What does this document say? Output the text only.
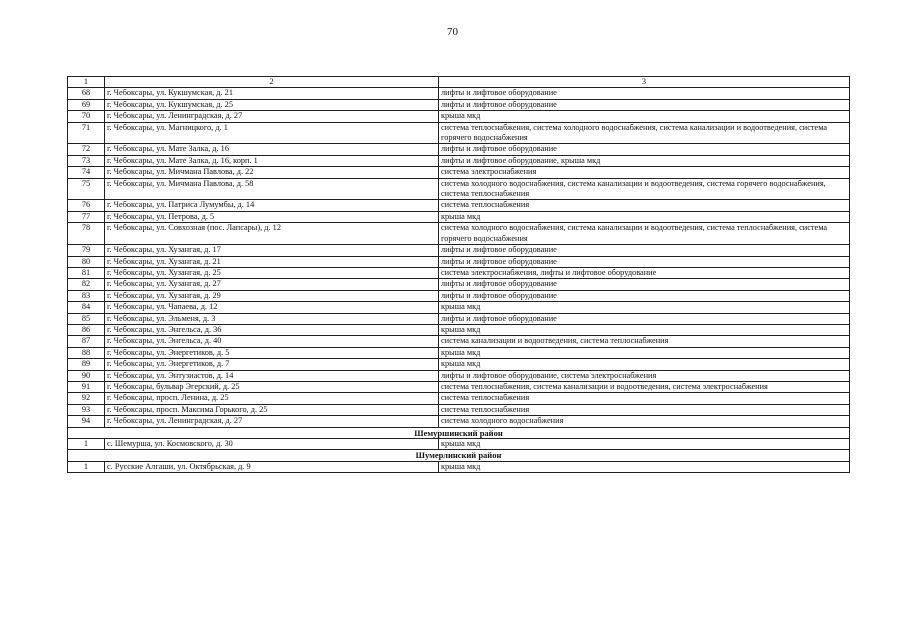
70
1	2	3
68	г. Чебоксары, ул. Кукшумская, д. 21	лифты и лифтовое оборудование
69	г. Чебоксары, ул. Кукшумская, д. 25	лифты и лифтовое оборудование
70	г. Чебоксары, ул. Ленинградская, д. 27	крыша мкд
71	г. Чебоксары, ул. Магницкого, д. 1	система теплоснабжения, система холодного водоснабжения, система канализации и водоотведения, система горячего водоснабжения
72	г. Чебоксары, ул. Мате Залка, д. 16	лифты и лифтовое оборудование
73	г. Чебоксары, ул. Мате Залка, д. 16, корп. 1	лифты и лифтовое оборудование, крыша мкд
74	г. Чебоксары, ул. Мичмана Павлова, д. 22	система электроснабжения
75	г. Чебоксары, ул. Мичмана Павлова, д. 58	система холодного водоснабжения, система канализации и водоотведения, система горячего водоснабжения, система теплоснабжения
76	г. Чебоксары, ул. Патриса Лумумбы, д. 14	система теплоснабжения
77	г. Чебоксары, ул. Петрова, д. 5	крыша мкд
78	г. Чебоксары, ул. Совхозная (пос. Лапсары), д. 12	система холодного водоснабжения, система канализации и водоотведения, система теплоснабжения, система горячего водоснабжения
79	г. Чебоксары, ул. Хузангая, д. 17	лифты и лифтовое оборудование
80	г. Чебоксары, ул. Хузангая, д. 21	лифты и лифтовое оборудование
81	г. Чебоксары, ул. Хузангая, д. 25	система электроснабжения, лифты и лифтовое оборудование
82	г. Чебоксары, ул. Хузангая, д. 27	лифты и лифтовое оборудование
83	г. Чебоксары, ул. Хузангая, д. 29	лифты и лифтовое оборудование
84	г. Чебоксары, ул. Чапаева, д. 12	крыша мкд
85	г. Чебоксары, ул. Эльменя, д. 3	лифты и лифтовое оборудование
86	г. Чебоксары, ул. Энгельса, д. 36	крыша мкд
87	г. Чебоксары, ул. Энгельса, д. 40	система канализации и водоотведения, система теплоснабжения
88	г. Чебоксары, ул. Энергетиков, д. 5	крыша мкд
89	г. Чебоксары, ул. Энергетиков, д. 7	крыша мкд
90	г. Чебоксары, ул. Энтузиастов, д. 14	лифты и лифтовое оборудование, система электроснабжения
91	г. Чебоксары, бульвар Эгерский, д. 25	система теплоснабжения, система канализации и водоотведения, система электроснабжения
92	г. Чебоксары, просп. Ленина, д. 25	система теплоснабжения
93	г. Чебоксары, просп. Максима Горького, д. 25	система теплоснабжения
94	г. Чебоксары, ул. Ленинградская, д. 27	система холодного водоснабжения
Шемуршинский район		
1	с. Шемурша, ул. Космовского, д. 30	крыша мкд
Шумерлинский район		
1	с. Русские Алгаши, ул. Октябрьская, д. 9	крыша мкд
